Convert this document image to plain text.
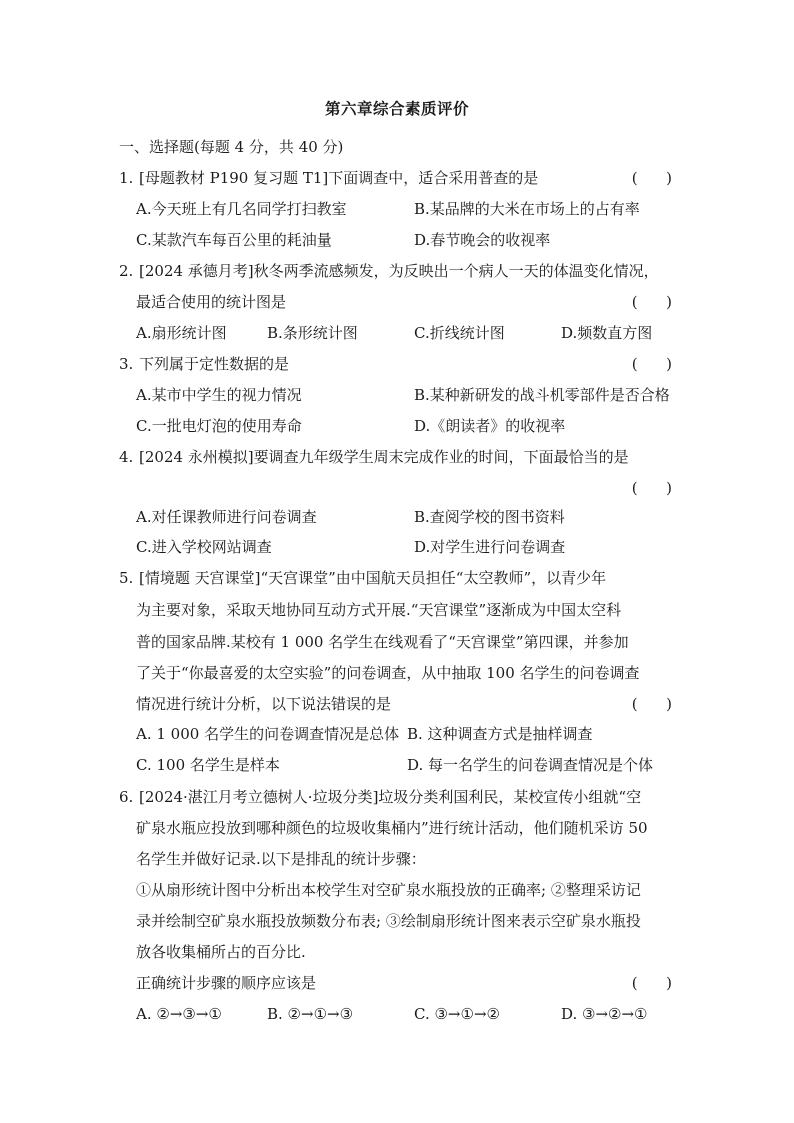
第六章综合素质评价
一、选择题(每题 4 分，共 40 分)
1. [母题教材 P190 复习题 T1]下面调查中，适合采用普查的是	(      )
A.今天班上有几名同学打扫教室	B.某品牌的大米在市场上的占有率
C.某款汽车每百公里的耗油量	D.春节晚会的收视率
2. [2024 承德月考]秋冬两季流感频发，为反映出一个病人一天的体温变化情况，
最适合使用的统计图是	(      )
A.扇形统计图	B.条形统计图	C.折线统计图	D.频数直方图
3. 下列属于定性数据的是	(      )
A.某市中学生的视力情况	B.某种新研发的战斗机零部件是否合格
C.一批电灯泡的使用寿命	D.《朗读者》的收视率
4. [2024 永州模拟]要调查九年级学生周末完成作业的时间，下面最恰当的是
(      )
A.对任课教师进行问卷调查	B.查阅学校的图书资料
C.进入学校网站调查	D.对学生进行问卷调查
5. [情境题 天宫课堂]“天宫课堂”由中国航天员担任“太空教师”，以青少年
为主要对象，采取天地协同互动方式开展.“天宫课堂”逐渐成为中国太空科
普的国家品牌.某校有 1 000 名学生在线观看了“天宫课堂”第四课，并参加
了关于“你最喜爱的太空实验”的问卷调查，从中抽取 100 名学生的问卷调查
情况进行统计分析，以下说法错误的是	(      )
A. 1 000 名学生的问卷调查情况是总体 B. 这种调查方式是抽样调查
C. 100 名学生是样本	D. 每一名学生的问卷调查情况是个体
6. [2024·湛江月考立德树人·垃圾分类]垃圾分类利国利民，某校宣传小组就“空
矿泉水瓶应投放到哪种颜色的垃圾收集桶内”进行统计活动，他们随机采访 50
名学生并做好记录.以下是排乱的统计步骤：
①从扇形统计图中分析出本校学生对空矿泉水瓶投放的正确率; ②整理采访记
录并绘制空矿泉水瓶投放频数分布表; ③绘制扇形统计图来表示空矿泉水瓶投
放各收集桶所占的百分比.
正确统计步骤的顺序应该是	(      )
A. ②→③→①	B. ②→①→③	C. ③→①→②	D. ③→②→①
